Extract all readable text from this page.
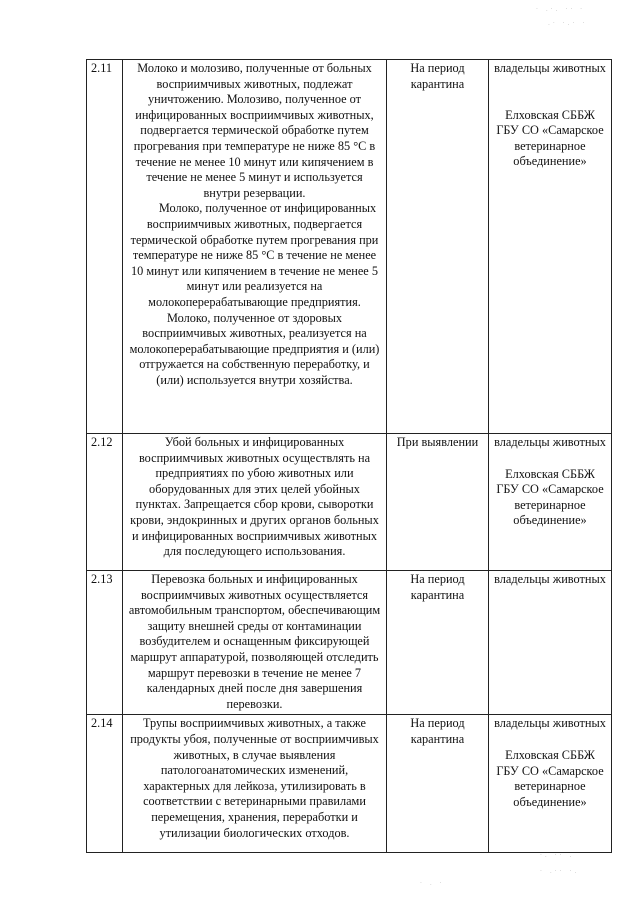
· .·. ·· ·
.· ·.· ·
·. ·· .
· .·· ·.
· . ·
2.11	Молоко и молозиво, полученные от больных восприимчивых животных, подлежат уничтожению. Молозиво, полученное от инфицированных восприимчивых животных, подвергается термической обработке путем прогревания при температуре не ниже 85 °С в течение не менее 10 минут или кипячением в течение не менее 5 минут и используется внутри резервации.
Молоко, полученное от инфицированных восприимчивых животных, подвергается термической обработке путем прогревания при температуре не ниже 85 °С в течение не менее 10 минут или кипячением в течение не менее 5 минут или реализуется на молокоперерабатывающие предприятия.
Молоко, полученное от здоровых восприимчивых животных, реализуется на молокоперерабатывающие предприятия и (или) отгружается на собственную переработку, и (или) используется внутри хозяйства.	На период карантина	владельцы животных
Елховская СББЖ ГБУ СО «Самарское ветеринарное объединение»

2.12	Убой больных и инфицированных восприимчивых животных осуществлять на предприятиях по убою животных или оборудованных для этих целей убойных пунктах. Запрещается сбор крови, сыворотки крови, эндокринных и других органов больных и инфицированных восприимчивых животных для последующего использования.	При выявлении	владельцы животных
Елховская СББЖ ГБУ СО «Самарское ветеринарное объединение»

2.13	Перевозка больных и инфицированных восприимчивых животных осуществляется автомобильным транспортом, обеспечивающим защиту внешней среды от контаминации возбудителем и оснащенным фиксирующей маршрут аппаратурой, позволяющей отследить маршрут перевозки в течение не менее 7 календарных дней после дня завершения перевозки.	На период карантина	владельцы животных

2.14	Трупы восприимчивых животных, а также продукты убоя, полученные от восприимчивых животных, в случае выявления патологоанатомических изменений, характерных для лейкоза, утилизировать в соответствии с ветеринарными правилами перемещения, хранения, переработки и утилизации биологических отходов.	На период карантина	владельцы животных
Елховская СББЖ ГБУ СО «Самарское ветеринарное объединение»
